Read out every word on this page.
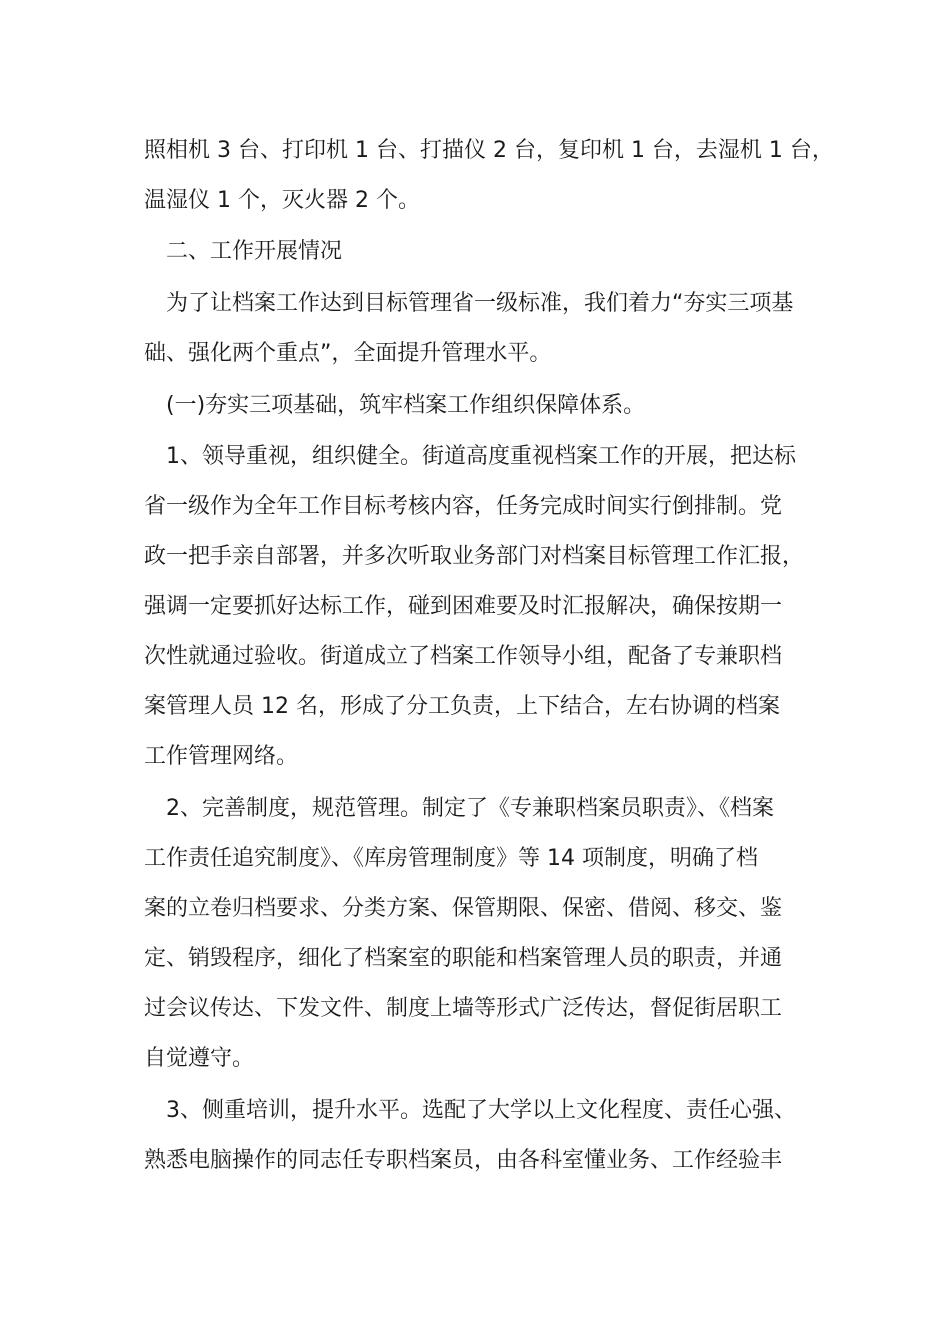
照相机 3 台、打印机 1 台、打描仪 2 台，复印机 1 台，去湿机 1 台，
温湿仪 1 个，灭火器 2 个。
二、工作开展情况
为了让档案工作达到目标管理省一级标准，我们着力“夯实三项基
础、强化两个重点”，全面提升管理水平。
(一)夯实三项基础，筑牢档案工作组织保障体系。
1、领导重视，组织健全。街道高度重视档案工作的开展，把达标
省一级作为全年工作目标考核内容，任务完成时间实行倒排制。党
政一把手亲自部署，并多次听取业务部门对档案目标管理工作汇报，
强调一定要抓好达标工作，碰到困难要及时汇报解决，确保按期一
次性就通过验收。街道成立了档案工作领导小组，配备了专兼职档
案管理人员 12 名，形成了分工负责，上下结合，左右协调的档案
工作管理网络。
2、完善制度，规范管理。制定了《专兼职档案员职责》、《档案
工作责任追究制度》、《库房管理制度》等 14 项制度，明确了档
案的立卷归档要求、分类方案、保管期限、保密、借阅、移交、鉴
定、销毁程序，细化了档案室的职能和档案管理人员的职责，并通
过会议传达、下发文件、制度上墙等形式广泛传达，督促街居职工
自觉遵守。
3、侧重培训，提升水平。选配了大学以上文化程度、责任心强、
熟悉电脑操作的同志任专职档案员，由各科室懂业务、工作经验丰
